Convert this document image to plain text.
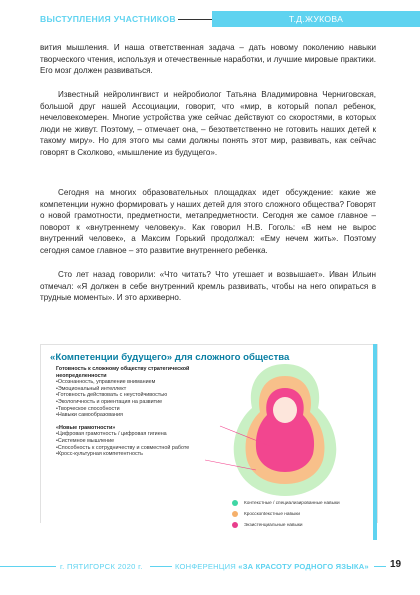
ВЫСТУПЛЕНИЯ УЧАСТНИКОВ	Т.Д.ЖУКОВА

вития мышления. И наша ответственная задача – дать новому поколению навыки творческого чтения, используя и отечественные наработки, и лучшие мировые практики. Его мозг должен развиваться.

Известный нейролингвист и нейробиолог Татьяна Владимировна Черниговская, большой друг нашей Ассоциации, говорит, что «мир, в который попал ребенок, нечеловекомерен. Многие устройства уже сейчас действуют со скоростями, в которых люди не живут. Поэтому, – отмечает она, – безответственно не готовить наших детей к такому миру». Но для этого мы сами должны понять этот мир, развивать, как сейчас говорят в Сколково, «мышление из будущего».

Сегодня на многих образовательных площадках идет обсуждение: какие же компетенции нужно формировать у наших детей для этого сложного общества? Говорят о новой грамотности, предметности, метапредметности. Сегодня же самое главное – поворот к «внутреннему человеку». Как говорил Н.В. Гоголь: «В нем не вырос внутренний человек», а Максим Горький продолжал: «Ему нечем жить». Поэтому сегодня самое главное – это развитие внутреннего ребенка.

Сто лет назад говорили: «Что читать? Что утешает и возвышает». Иван Ильин отмечал: «Я должен в себе внутренний кремль развивать, чтобы на него опираться в трудные моменты». И это архиверно.

«Компетенции будущего» для сложного общества
Готовность к сложному обществу стратегической неопределенности
•Осознанность, управление вниманием
•Эмоциональный интеллект
•Готовность действовать с неустойчивостью
•Экологичность и ориентация на развитие
•Творческое способности
•Навыки самообразования
«Новые грамотности»
•Цифровая грамотность / цифровая гигиена
•Системное мышление
•Способность к сотрудничеству и совместной работе
•Кросс-культурная компетентность
Контекстные / специализированные навыки
Кросскontекстные навыки
Экзистенциальные навыки
г. ПЯТИГОРСК 2020 г.	КОНФЕРЕНЦИЯ «ЗА КРАСОТУ РОДНОГО ЯЗЫКА» 19
